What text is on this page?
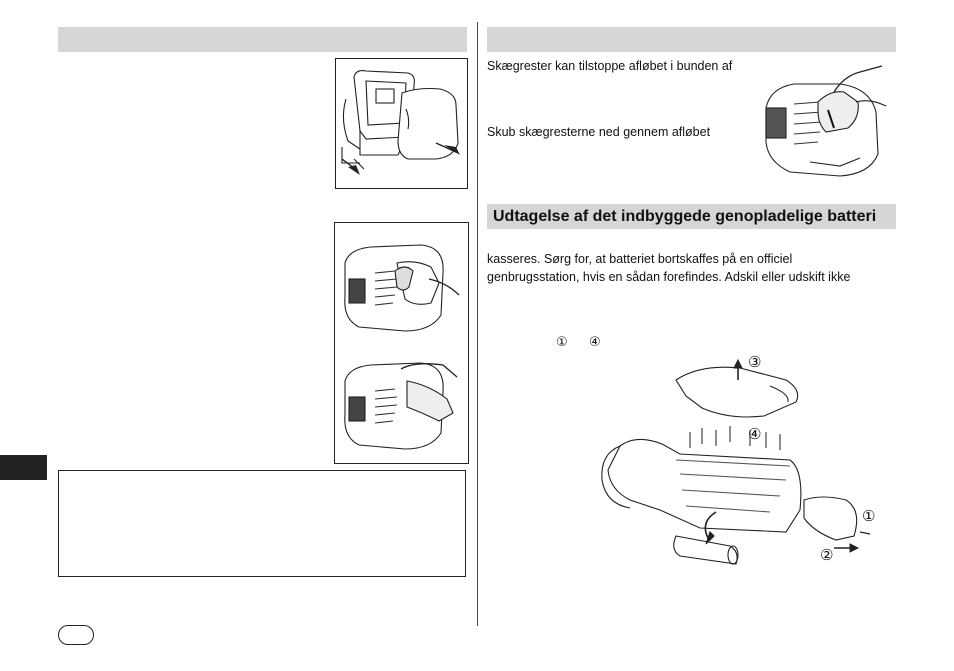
Skægrester kan tilstoppe afløbet i bunden af
Skub skægresterne ned gennem afløbet
Udtagelse af det indbyggede genopladelige batteri
kasseres. Sørg for, at batteriet bortskaffes på en officiel
genbrugsstation, hvis en sådan forefindes. Adskil eller udskift ikke
① ④
③
④
①
②
